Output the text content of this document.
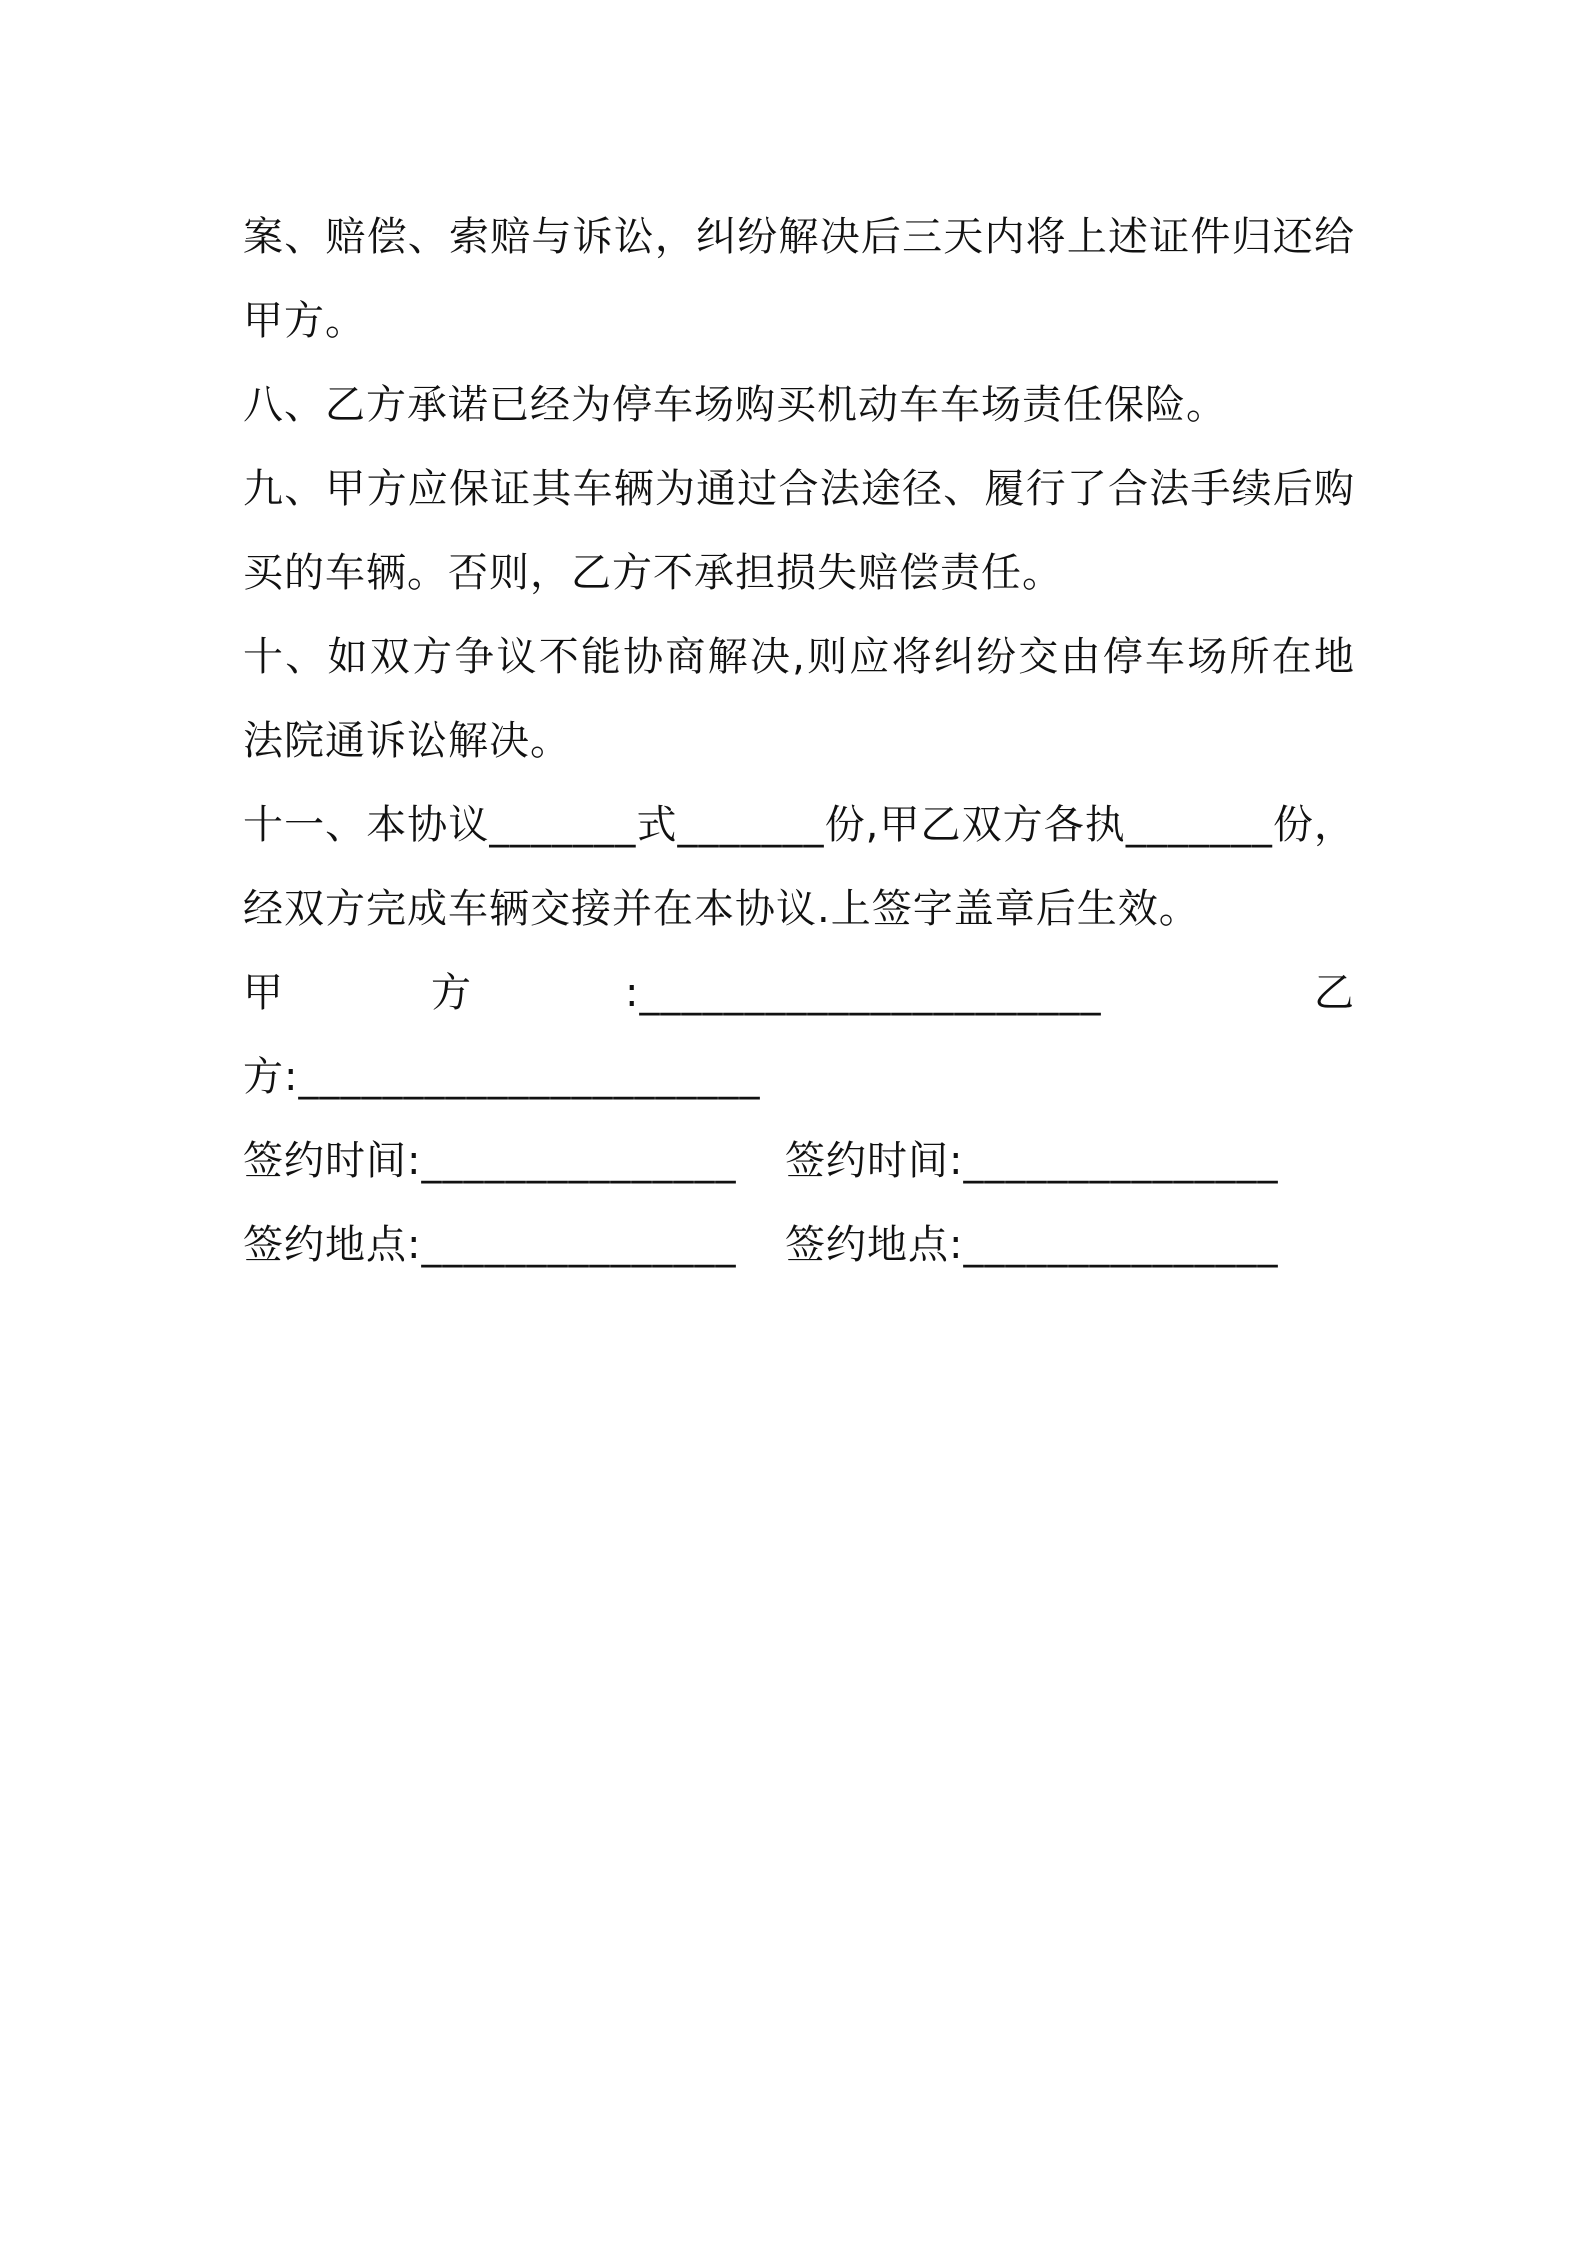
案、赔偿、索赔与诉讼，纠纷解决后三天内将上述证件归还给甲方。

八、乙方承诺已经为停车场购买机动车车场责任保险。

九、甲方应保证其车辆为通过合法途径、履行了合法手续后购买的车辆。否则，乙方不承担损失赔偿责任。

十、如双方争议不能协商解决,则应将纠纷交由停车场所在地法院通诉讼解决。

十一、本协议_______式_______份,甲乙双方各执_______份，经双方完成车辆交接并在本协议.上签字盖章后生效。

甲方

:______________________

	乙

方:______________________

签约时间:_______________

签约时间:_______________

签约地点:_______________

签约地点:_______________
